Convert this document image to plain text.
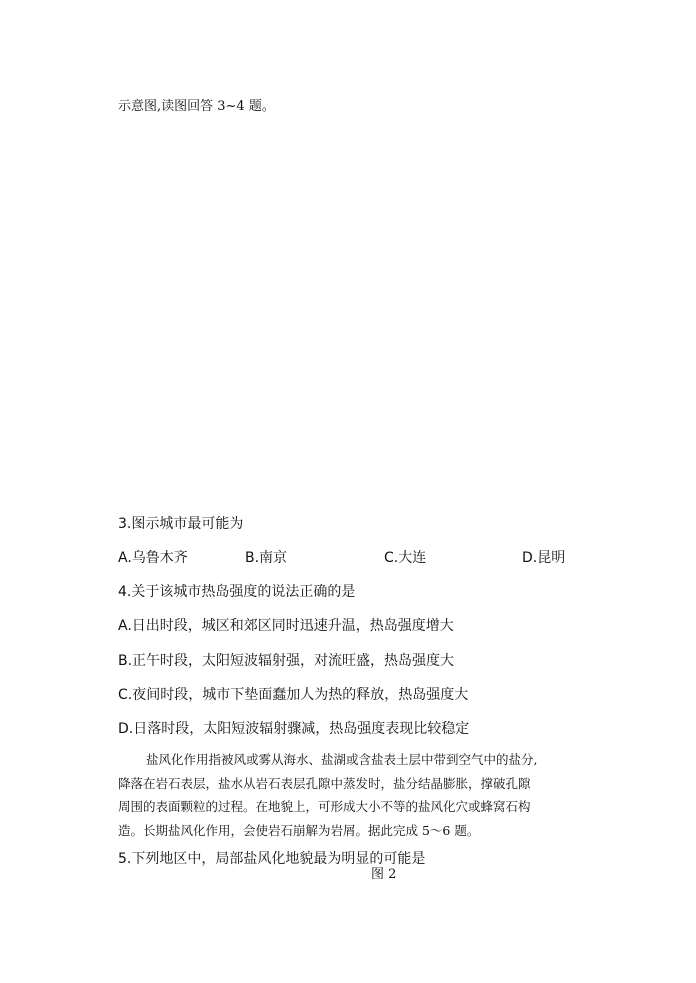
示意图,读图回答 3~4 题。
3.图示城市最可能为
A.乌鲁木齐	B.南京	C.大连	D.昆明
4.关于该城市热岛强度的说法正确的是
A.日出时段，城区和郊区同时迅速升温，热岛强度增大
B.正午时段，太阳短波辐射强，对流旺盛，热岛强度大
C.夜间时段，城市下垫面蠢加人为热的释放，热岛强度大
D.日落时段，太阳短波辐射骤减，热岛强度表现比较稳定

盐风化作用指被风或雾从海水、盐湖或含盐表土层中带到空气中的盐分,

降落在岩石表层，盐水从岩石表层孔隙中蒸发时，盐分结晶膨胀，撑破孔隙

周围的表面颗粒的过程。在地貌上，可形成大小不等的盐风化穴或蜂窝石构

造。长期盐风化作用，会使岩石崩解为岩屑。据此完成 5〜6 题。

5.下列地区中，局部盐风化地貌最为明显的可能是
图 2
